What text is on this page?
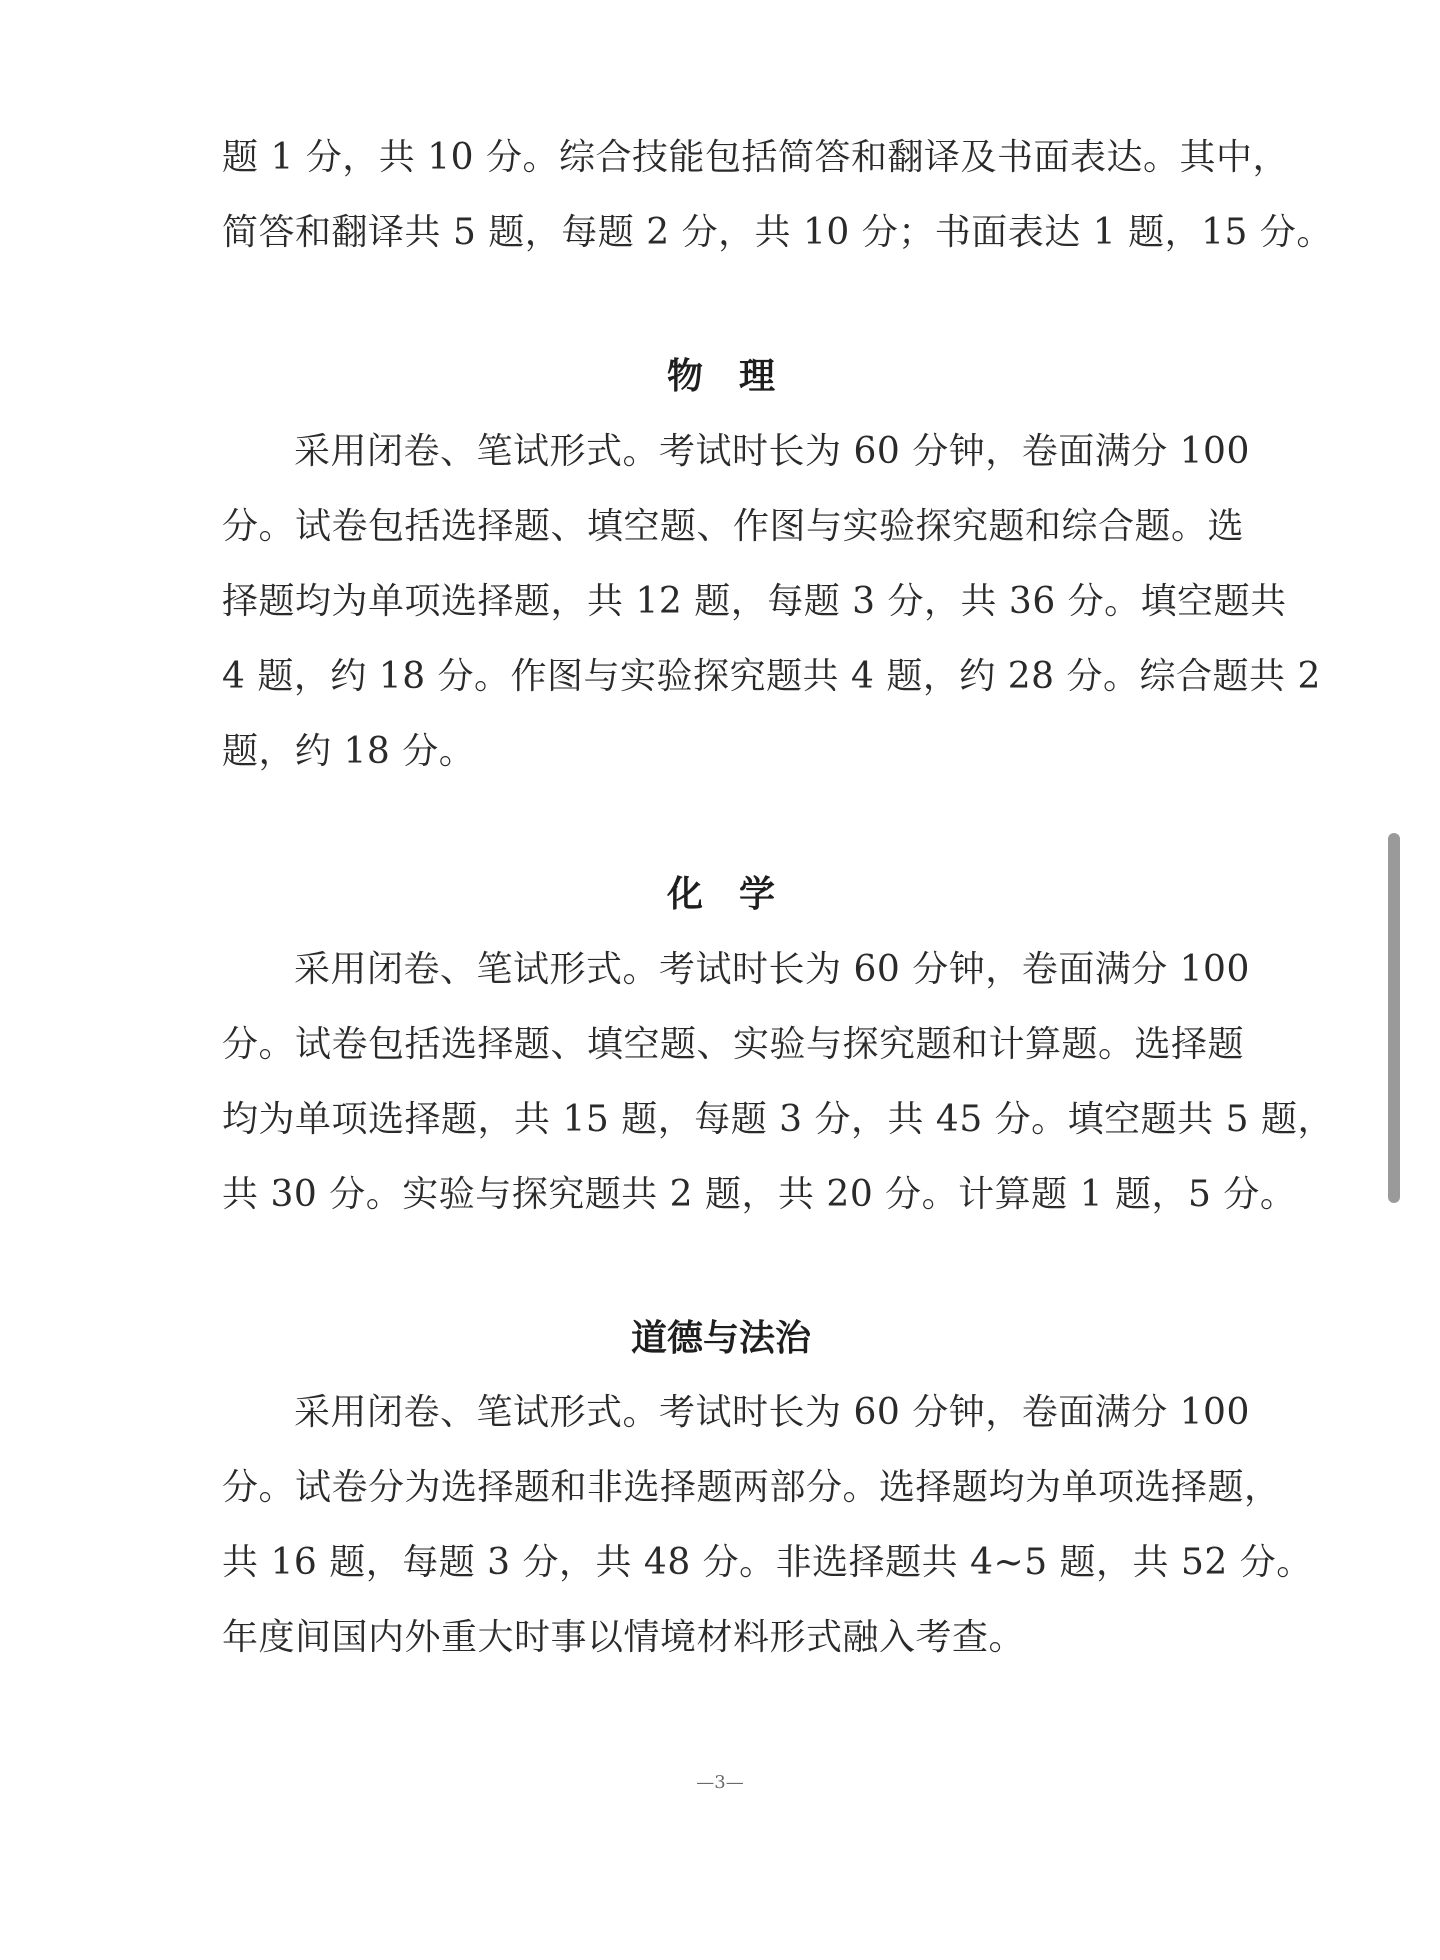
题 1 分，共 10 分。综合技能包括简答和翻译及书面表达。其中，
简答和翻译共 5 题，每题 2 分，共 10 分；书面表达 1 题，15 分。
物　理
采用闭卷、笔试形式。考试时长为 60 分钟，卷面满分 100
分。试卷包括选择题、填空题、作图与实验探究题和综合题。选
择题均为单项选择题，共 12 题，每题 3 分，共 36 分。填空题共
4 题，约 18 分。作图与实验探究题共 4 题，约 28 分。综合题共 2
题，约 18 分。
化　学
采用闭卷、笔试形式。考试时长为 60 分钟，卷面满分 100
分。试卷包括选择题、填空题、实验与探究题和计算题。选择题
均为单项选择题，共 15 题，每题 3 分，共 45 分。填空题共 5 题，
共 30 分。实验与探究题共 2 题，共 20 分。计算题 1 题，5 分。
道德与法治
采用闭卷、笔试形式。考试时长为 60 分钟，卷面满分 100
分。试卷分为选择题和非选择题两部分。选择题均为单项选择题，
共 16 题，每题 3 分，共 48 分。非选择题共 4~5 题，共 52 分。
年度间国内外重大时事以情境材料形式融入考查。
—3—
